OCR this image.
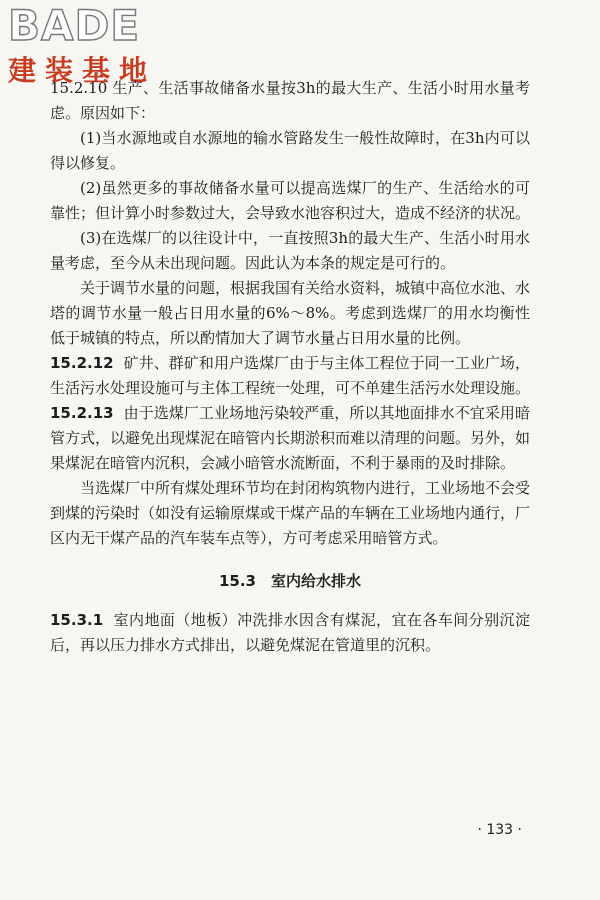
BADE
建装基地

15.2.10 生产、生活事故储备水量按3h的最大生产、生活小时用水量考虑。原因如下：

(1)当水源地或自水源地的输水管路发生一般性故障时，在3h内可以得以修复。

(2)虽然更多的事故储备水量可以提高选煤厂的生产、生活给水的可靠性；但计算小时参数过大，会导致水池容积过大，造成不经济的状况。

(3)在选煤厂的以往设计中，一直按照3h的最大生产、生活小时用水量考虑，至今从未出现问题。因此认为本条的规定是可行的。

关于调节水量的问题，根据我国有关给水资料，城镇中高位水池、水塔的调节水量一般占日用水量的6%～8%。考虑到选煤厂的用水均衡性低于城镇的特点，所以酌情加大了调节水量占日用水量的比例。

15.2.12 矿井、群矿和用户选煤厂由于与主体工程位于同一工业广场，生活污水处理设施可与主体工程统一处理，可不单建生活污水处理设施。

15.2.13 由于选煤厂工业场地污染较严重，所以其地面排水不宜采用暗管方式，以避免出现煤泥在暗管内长期淤积而难以清理的问题。另外，如果煤泥在暗管内沉积，会减小暗管水流断面，不利于暴雨的及时排除。

当选煤厂中所有煤处理环节均在封闭构筑物内进行，工业场地不会受到煤的污染时（如没有运输原煤或干煤产品的车辆在工业场地内通行，厂区内无干煤产品的汽车装车点等），方可考虑采用暗管方式。

15.3　室内给水排水

15.3.1 室内地面（地板）冲洗排水因含有煤泥，宜在各车间分别沉淀后，再以压力排水方式排出，以避免煤泥在管道里的沉积。

· 133 ·
